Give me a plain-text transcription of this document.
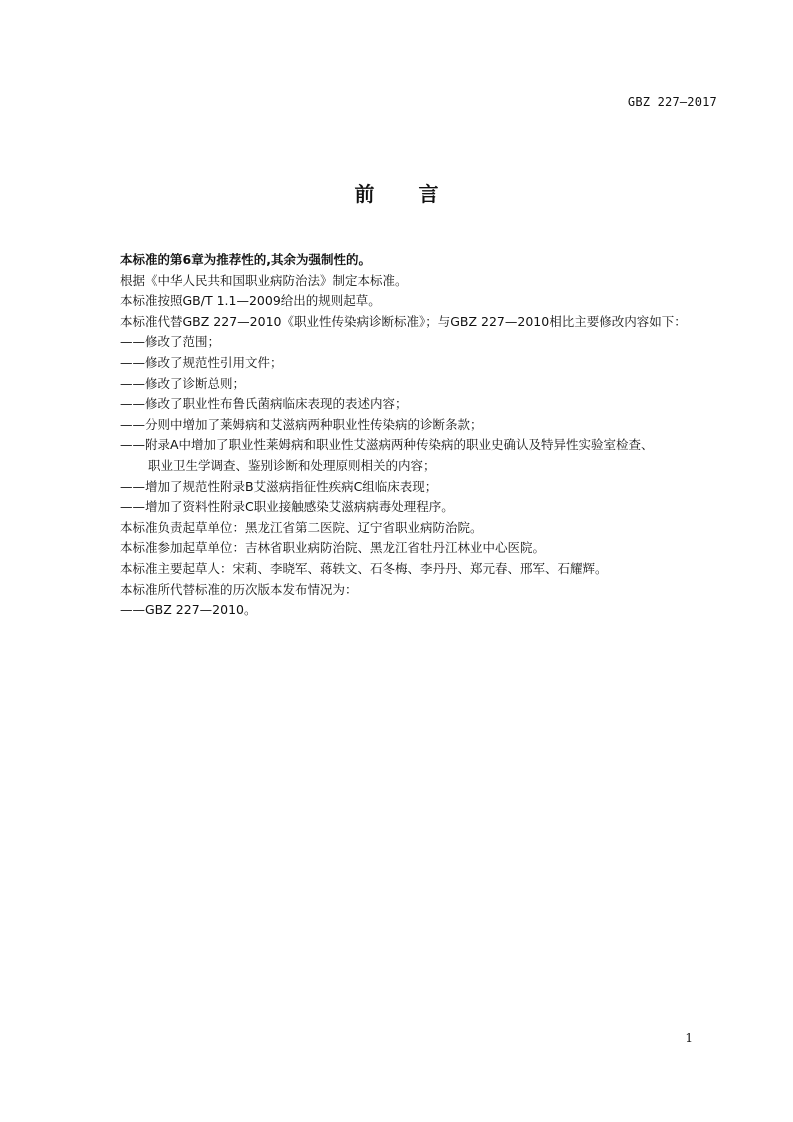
GBZ 227—2017
前言
本标准的第6章为推荐性的,其余为强制性的。
根据《中华人民共和国职业病防治法》制定本标准。
本标准按照GB/T 1.1—2009给出的规则起草。
本标准代替GBZ 227—2010《职业性传染病诊断标准》；与GBZ 227—2010相比主要修改内容如下：
——修改了范围；
——修改了规范性引用文件；
——修改了诊断总则；
——修改了职业性布鲁氏菌病临床表现的表述内容；
——分则中增加了莱姆病和艾滋病两种职业性传染病的诊断条款；
——附录A中增加了职业性莱姆病和职业性艾滋病两种传染病的职业史确认及特异性实验室检查、
职业卫生学调查、鉴别诊断和处理原则相关的内容；
——增加了规范性附录B艾滋病指征性疾病C组临床表现；
——增加了资料性附录C职业接触感染艾滋病病毒处理程序。
本标准负责起草单位：黑龙江省第二医院、辽宁省职业病防治院。
本标准参加起草单位：吉林省职业病防治院、黑龙江省牡丹江林业中心医院。
本标准主要起草人：宋莉、李晓军、蒋轶文、石冬梅、李丹丹、郑元春、邢军、石耀辉。
本标准所代替标准的历次版本发布情况为：
——GBZ 227—2010。
1
